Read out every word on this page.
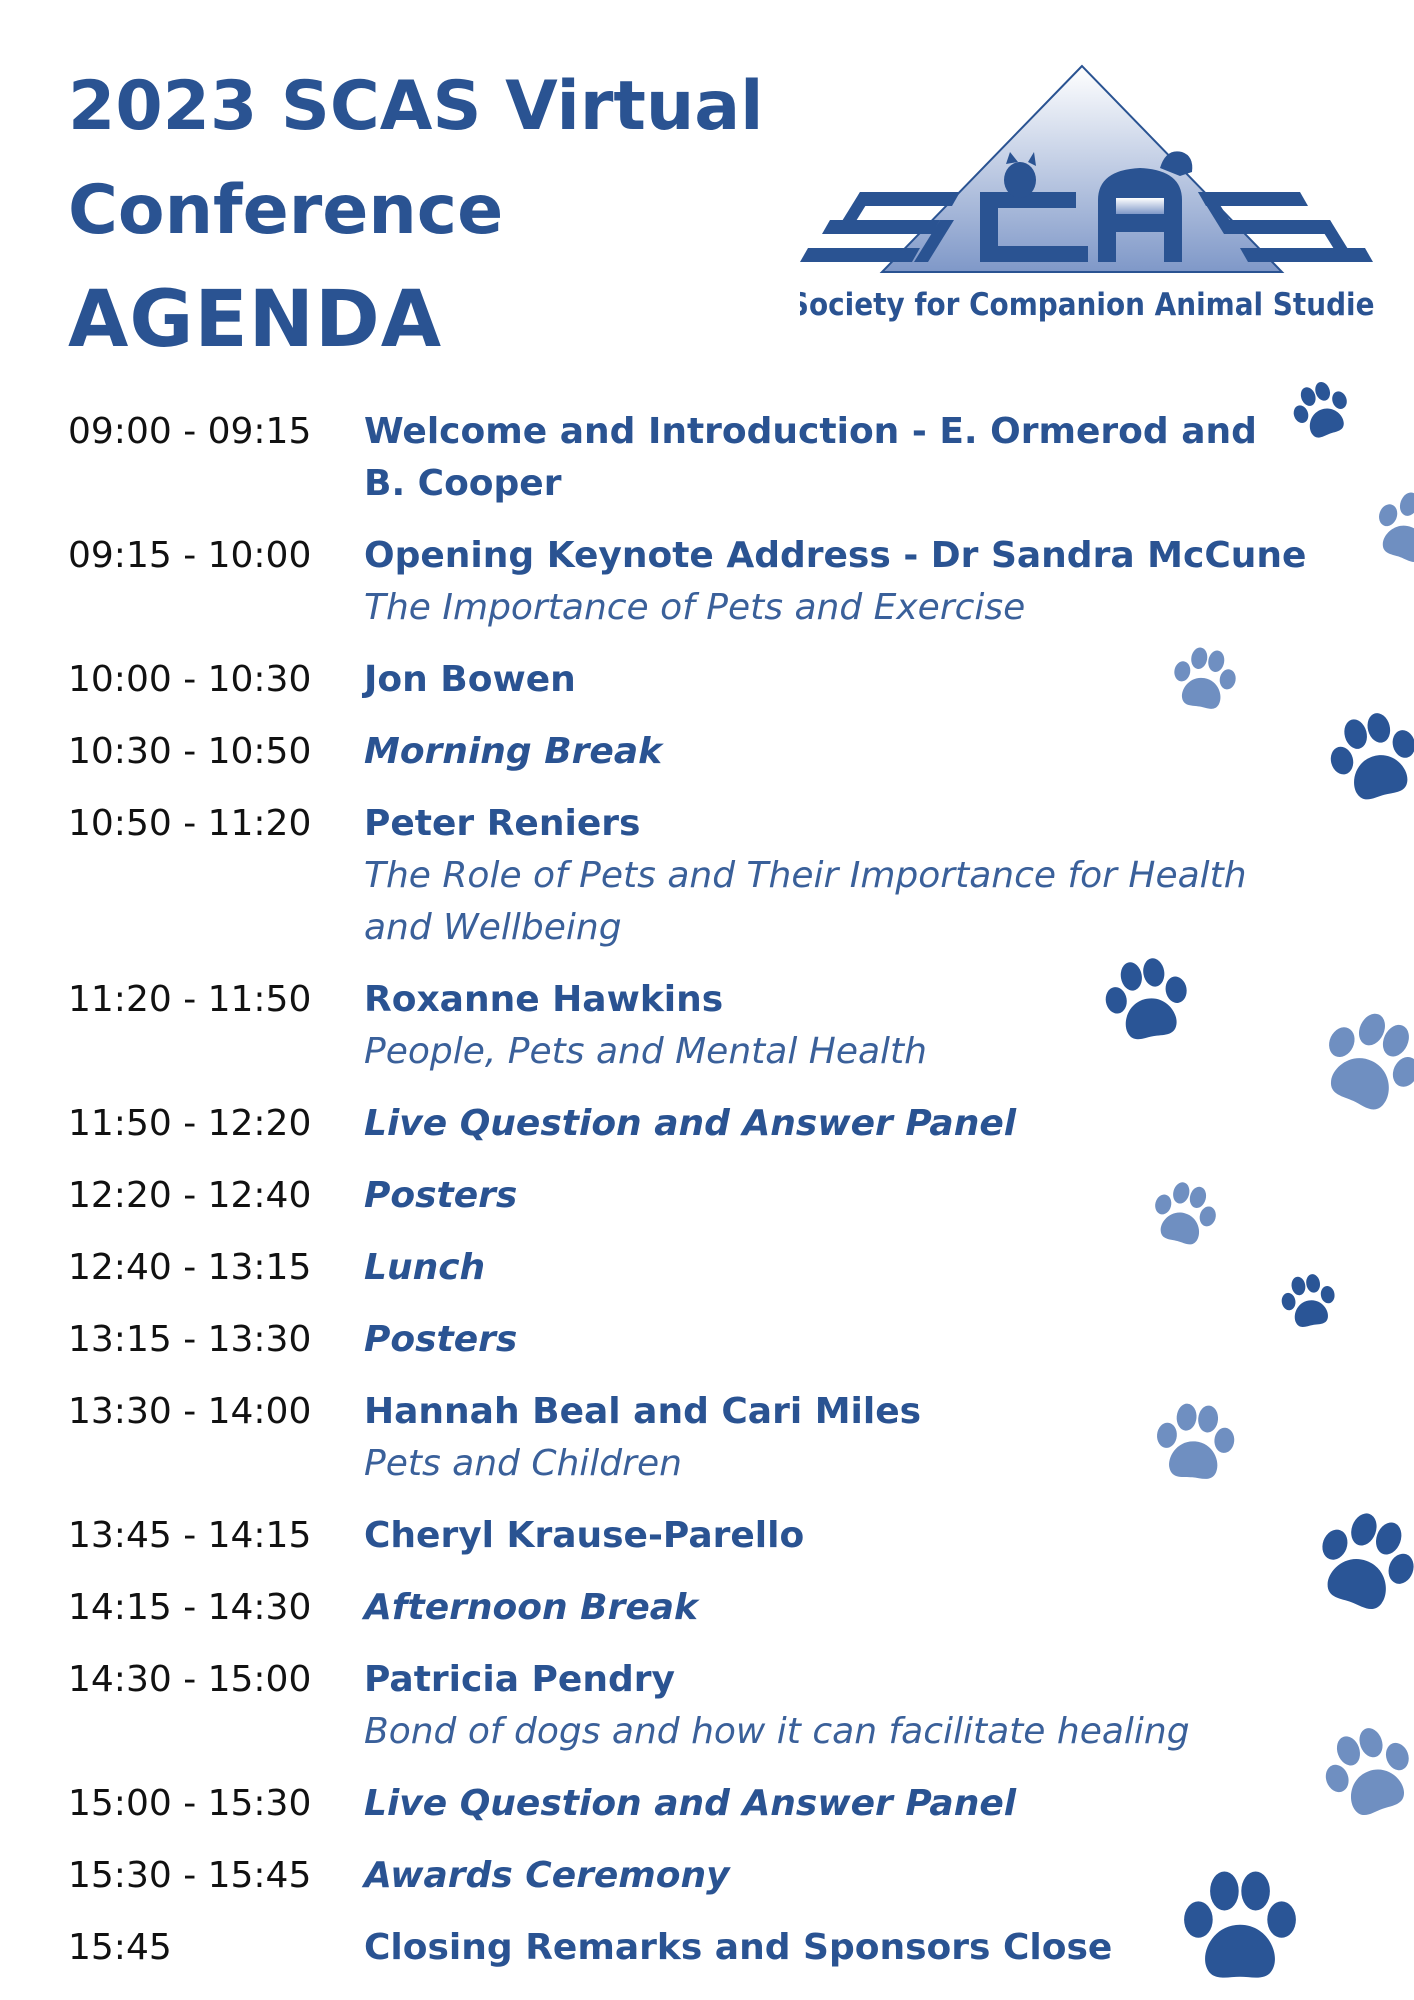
2023 SCAS Virtual
Conference
AGENDA	Society for Companion Animal Studies
09:00 - 09:15	Welcome and Introduction - E. Ormerod and B. Cooper
09:15 - 10:00	Opening Keynote Address - Dr Sandra McCune
The Importance of Pets and Exercise
10:00 - 10:30	Jon Bowen
10:30 - 10:50	Morning Break
10:50 - 11:20	Peter Reniers
The Role of Pets and Their Importance for Health and Wellbeing
11:20 - 11:50	Roxanne Hawkins
People, Pets and Mental Health
11:50 - 12:20	Live Question and Answer Panel
12:20 - 12:40	Posters
12:40 - 13:15	Lunch
13:15 - 13:30	Posters
13:30 - 14:00	Hannah Beal and Cari Miles
Pets and Children
13:45 - 14:15	Cheryl Krause-Parello
14:15 - 14:30	Afternoon Break
14:30 - 15:00	Patricia Pendry
Bond of dogs and how it can facilitate healing
15:00 - 15:30	Live Question and Answer Panel
15:30 - 15:45	Awards Ceremony
15:45	Closing Remarks and Sponsors Close
